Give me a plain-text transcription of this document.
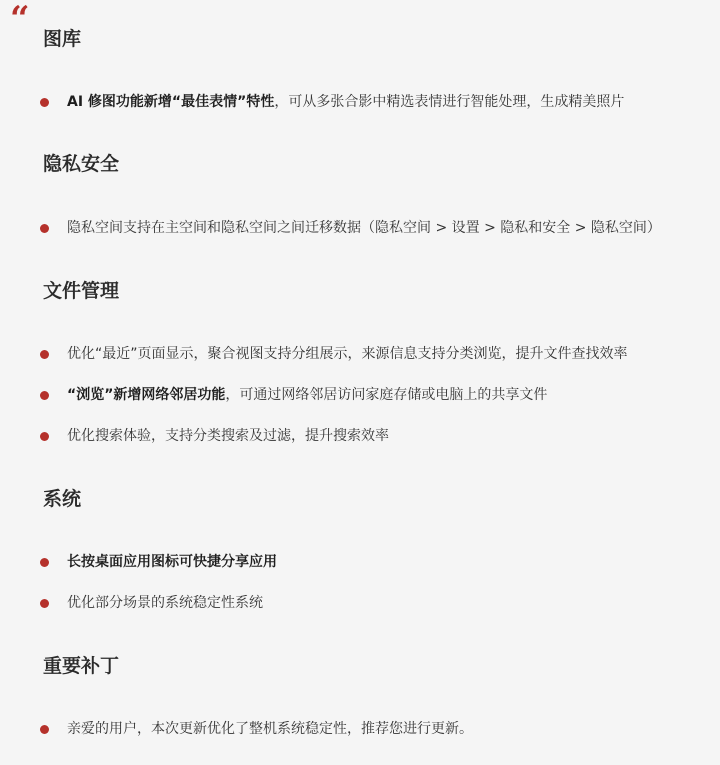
“ 图库
AI 修图功能新增“最佳表情”特性 ，可从多张合影中精选表情进行智能处理，生成精美照片
隐私安全
隐私空间支持在主空间和隐私空间之间迁移数据（隐私空间 > 设置 > 隐私和安全 > 隐私空间）
文件管理
优化“最近”页面显示，聚合视图支持分组展示，来源信息支持分类浏览，提升文件查找效率
“浏览”新增网络邻居功能 ，可通过网络邻居访问家庭存储或电脑上的共享文件
优化搜索体验，支持分类搜索及过滤，提升搜索效率
系统
长按桌面应用图标可快捷分享应用
优化部分场景的系统稳定性系统
重要补丁
亲爱的用户，本次更新优化了整机系统稳定性，推荐您进行更新。
